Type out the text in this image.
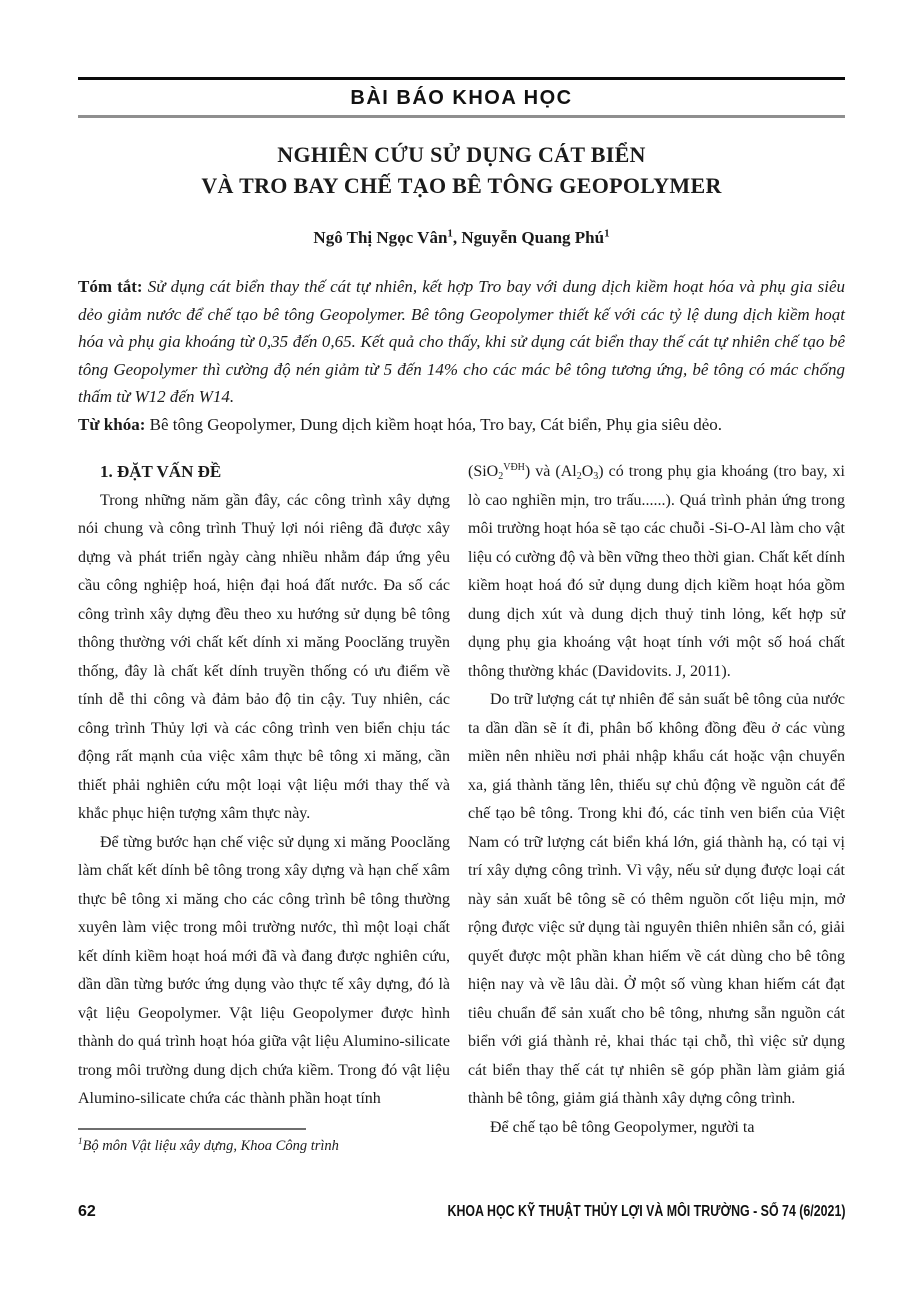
BÀI BÁO KHOA HỌC
NGHIÊN CỨU SỬ DỤNG CÁT BIỂN
VÀ TRO BAY CHẾ TẠO BÊ TÔNG GEOPOLYMER
Ngô Thị Ngọc Vân$^1$, Nguyễn Quang Phú$^1$
Tóm tắt: Sử dụng cát biển thay thế cát tự nhiên, kết hợp Tro bay với dung dịch kiềm hoạt hóa và phụ gia siêu dẻo giảm nước để chế tạo bê tông Geopolymer. Bê tông Geopolymer thiết kế với các tỷ lệ dung dịch kiềm hoạt hóa và phụ gia khoáng từ 0,35 đến 0,65. Kết quả cho thấy, khi sử dụng cát biển thay thế cát tự nhiên chế tạo bê tông Geopolymer thì cường độ nén giảm từ 5 đến 14% cho các mác bê tông tương ứng, bê tông có mác chống thấm từ W12 đến W14.
Từ khóa: Bê tông Geopolymer, Dung dịch kiềm hoạt hóa, Tro bay, Cát biển, Phụ gia siêu dẻo.
1. ĐẶT VẤN ĐỀ

Trong những năm gần đây, các công trình xây dựng nói chung và công trình Thuỷ lợi nói riêng đã được xây dựng và phát triển ngày càng nhiều nhằm đáp ứng yêu cầu công nghiệp hoá, hiện đại hoá đất nước. Đa số các công trình xây dựng đều theo xu hướng sử dụng bê tông thông thường với chất kết dính xi măng Pooclăng truyền thống, đây là chất kết dính truyền thống có ưu điểm về tính dễ thi công và đảm bảo độ tin cậy. Tuy nhiên, các công trình Thủy lợi và các công trình ven biển chịu tác động rất mạnh của việc xâm thực bê tông xi măng, cần thiết phải nghiên cứu một loại vật liệu mới thay thế và khắc phục hiện tượng xâm thực này.

Để từng bước hạn chế việc sử dụng xi măng Pooclăng làm chất kết dính bê tông trong xây dựng và hạn chế xâm thực bê tông xi măng cho các công trình bê tông thường xuyên làm việc trong môi trường nước, thì một loại chất kết dính kiềm hoạt hoá mới đã và đang được nghiên cứu, dần dần từng bước ứng dụng vào thực tế xây dựng, đó là vật liệu Geopolymer. Vật liệu Geopolymer được hình thành do quá trình hoạt hóa giữa vật liệu Alumino-silicate trong môi trường dung dịch chứa kiềm. Trong đó vật liệu Alumino-silicate chứa các thành phần hoạt tính

$^1$Bộ môn Vật liệu xây dựng, Khoa Công trình

(SiO$_2^{VĐH}$) và $(Al_2O_3)$ có trong phụ gia khoáng (tro bay, xi lò cao nghiền mịn, tro trấu......). Quá trình phản ứng trong môi trường hoạt hóa sẽ tạo các chuỗi -Si-O-Al làm cho vật liệu có cường độ và bền vững theo thời gian. Chất kết dính kiềm hoạt hoá đó sử dụng dung dịch kiềm hoạt hóa gồm dung dịch xút và dung dịch thuỷ tinh lỏng, kết hợp sử dụng phụ gia khoáng vật hoạt tính với một số hoá chất thông thường khác (Davidovits. J, 2011).

Do trữ lượng cát tự nhiên để sản suất bê tông của nước ta dần dần sẽ ít đi, phân bố không đồng đều ở các vùng miền nên nhiều nơi phải nhập khẩu cát hoặc vận chuyển xa, giá thành tăng lên, thiếu sự chủ động về nguồn cát để chế tạo bê tông. Trong khi đó, các tỉnh ven biển của Việt Nam có trữ lượng cát biển khá lớn, giá thành hạ, có tại vị trí xây dựng công trình. Vì vậy, nếu sử dụng được loại cát này sản xuất bê tông sẽ có thêm nguồn cốt liệu mịn, mở rộng được việc sử dụng tài nguyên thiên nhiên sẵn có, giải quyết được một phần khan hiếm về cát dùng cho bê tông hiện nay và về lâu dài. Ở một số vùng khan hiếm cát đạt tiêu chuẩn để sản xuất cho bê tông, nhưng sẵn nguồn cát biển với giá thành rẻ, khai thác tại chỗ, thì việc sử dụng cát biển thay thế cát tự nhiên sẽ góp phần làm giảm giá thành bê tông, giảm giá thành xây dựng công trình.

Để chế tạo bê tông Geopolymer, người ta

62	KHOA HỌC KỸ THUẬT THỦY LỢI VÀ MÔI TRƯỜNG - SỐ 74 (6/2021)
